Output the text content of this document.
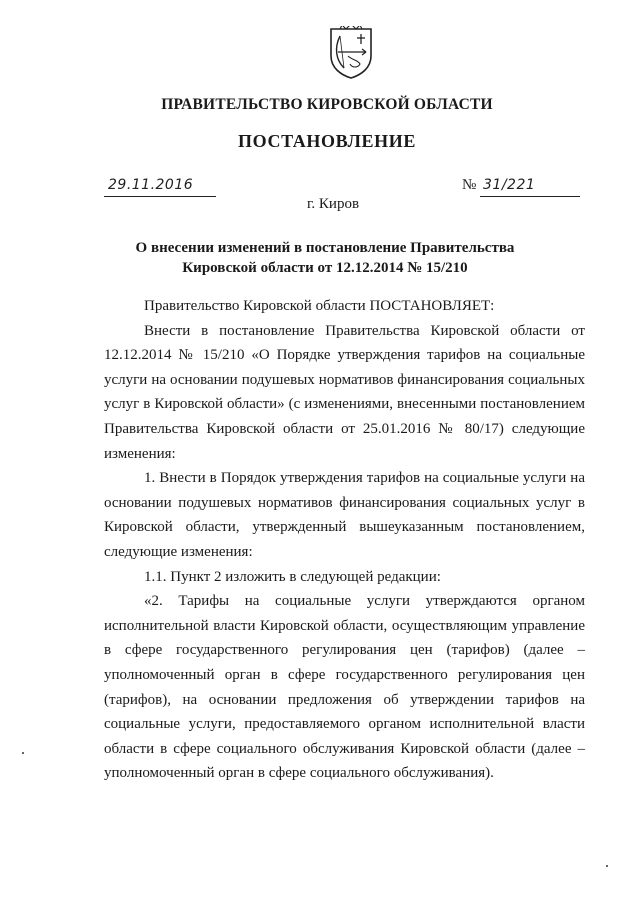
ПРАВИТЕЛЬСТВО КИРОВСКОЙ ОБЛАСТИ
ПОСТАНОВЛЕНИЕ
29.11.2016	№ 31/221
г. Киров
О внесении изменений в постановление Правительства
Кировской области от 12.12.2014 № 15/210

Правительство Кировской области ПОСТАНОВЛЯЕТ:

Внести в постановление Правительства Кировской области от 12.12.2014 № 15/210 «О Порядке утверждения тарифов на социальные услуги на основании подушевых нормативов финансирования социальных услуг в Кировской области» (с изменениями, внесенными постановлением Правительства Кировской области от 25.01.2016 № 80/17) следующие изменения:

1. Внести в Порядок утверждения тарифов на социальные услуги на основании подушевых нормативов финансирования социальных услуг в Кировской области, утвержденный вышеуказанным постановлением, следующие изменения:

1.1. Пункт 2 изложить в следующей редакции:

«2. Тарифы на социальные услуги утверждаются органом исполнительной власти Кировской области, осуществляющим управление в сфере государственного регулирования цен (тарифов) (далее – уполномоченный орган в сфере государственного регулирования цен (тарифов), на основании предложения об утверждении тарифов на социальные услуги, предоставляемого органом исполнительной власти области в сфере социального обслуживания Кировской области (далее – уполномоченный орган в сфере социального обслуживания).
